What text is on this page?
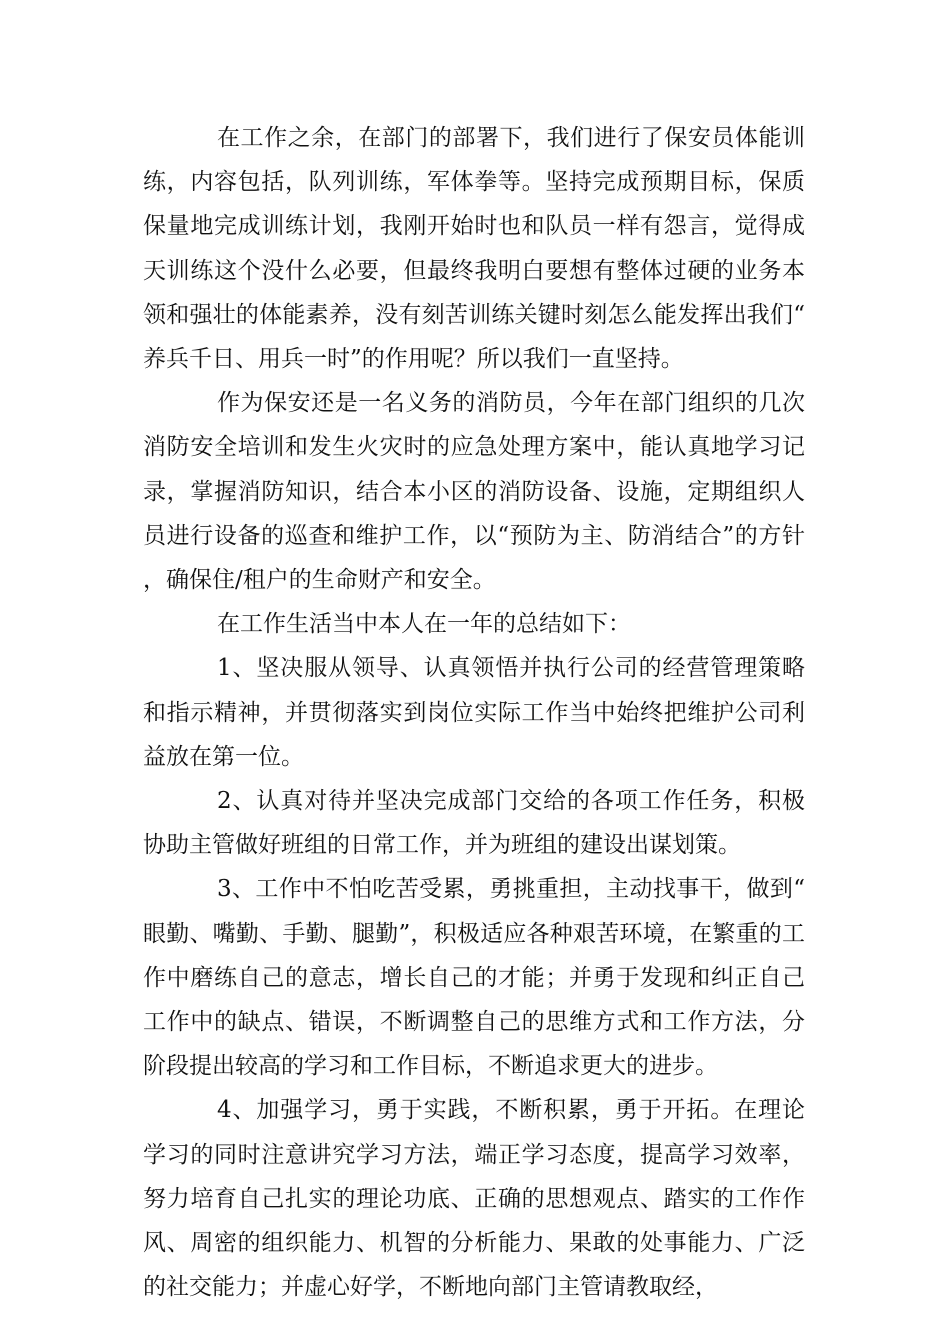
在工作之余，在部门的部署下，我们进行了保安员体能训练，内容包括，队列训练，军体拳等。坚持完成预期目标，保质保量地完成训练计划，我刚开始时也和队员一样有怨言，觉得成天训练这个没什么必要，但最终我明白要想有整体过硬的业务本领和强壮的体能素养，没有刻苦训练关键时刻怎么能发挥出我们“养兵千日、用兵一时”的作用呢？所以我们一直坚持。

作为保安还是一名义务的消防员，今年在部门组织的几次消防安全培训和发生火灾时的应急处理方案中，能认真地学习记录，掌握消防知识，结合本小区的消防设备、设施，定期组织人员进行设备的巡查和维护工作，以“预防为主、防消结合”的方针，确保住/租户的生命财产和安全。

在工作生活当中本人在一年的总结如下：

1、坚决服从领导、认真领悟并执行公司的经营管理策略和指示精神，并贯彻落实到岗位实际工作当中始终把维护公司利益放在第一位。

2、认真对待并坚决完成部门交给的各项工作任务，积极协助主管做好班组的日常工作，并为班组的建设出谋划策。

3、工作中不怕吃苦受累，勇挑重担，主动找事干，做到“眼勤、嘴勤、手勤、腿勤”，积极适应各种艰苦环境，在繁重的工作中磨练自己的意志，增长自己的才能；并勇于发现和纠正自己工作中的缺点、错误，不断调整自己的思维方式和工作方法，分阶段提出较高的学习和工作目标，不断追求更大的进步。

4、加强学习，勇于实践，不断积累，勇于开拓。在理论学习的同时注意讲究学习方法，端正学习态度，提高学习效率，努力培育自己扎实的理论功底、正确的思想观点、踏实的工作作风、周密的组织能力、机智的分析能力、果敢的处事能力、广泛的社交能力；并虚心好学，不断地向部门主管请教取经，
